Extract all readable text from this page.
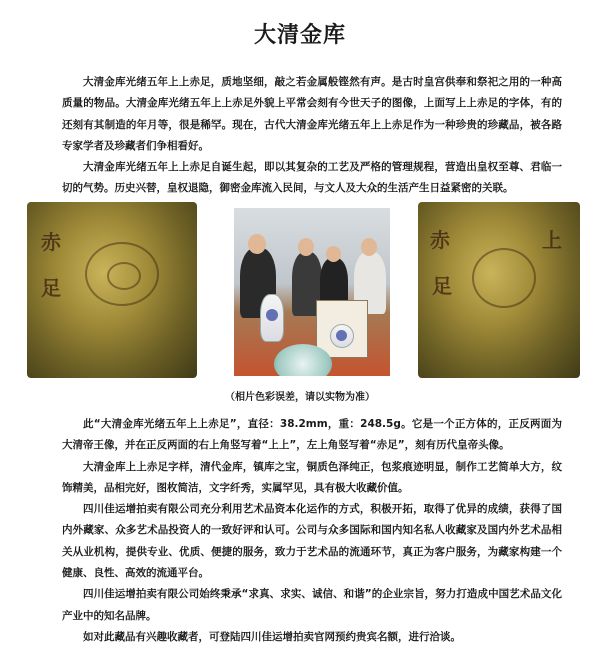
大清金库

大清金库光绪五年上上赤足，质地坚细，敲之若金属般铿然有声。是古时皇宫供奉和祭祀之用的一种高质量的物品。大清金库光绪五年上上赤足外貌上平常会刻有今世天子的图像，上面写上上赤足的字体，有的还刻有其制造的年月等，很是稀罕。现在，古代大清金库光绪五年上上赤足作为一种珍贵的珍藏品，被各路专家学者及珍藏者们争相看好。

大清金库光绪五年上上赤足自诞生起，即以其复杂的工艺及严格的管理规程，营造出皇权至尊、君临一切的气势。历史兴替，皇权退隐，御密金库流入民间，与文人及大众的生活产生日益紧密的关联。

赤
足
赤
足
上
（相片色彩误差，请以实物为准）

此“大清金库光绪五年上上赤足”，直径：38.2mm，重：248.5g。它是一个正方体的，正反两面为大清帝王像，并在正反两面的右上角竖写着“上上”，左上角竖写着“赤足”，刻有历代皇帝头像。

大清金库上上赤足字样，清代金库，镇库之宝，铜质色泽纯正，包浆痕迹明显，制作工艺简单大方，纹饰精美，品相完好，图枚简洁，文字纤秀，实属罕见，具有极大收藏价值。

四川佳运增拍卖有限公司充分利用艺术品资本化运作的方式，积极开拓，取得了优异的成绩，获得了国内外藏家、众多艺术品投资人的一致好评和认可。公司与众多国际和国内知名私人收藏家及国内外艺术品相关从业机构，提供专业、优质、便捷的服务，致力于艺术品的流通环节，真正为客户服务，为藏家构建一个健康、良性、高效的流通平台。

四川佳运增拍卖有限公司始终秉承“求真、求实、诚信、和谐”的企业宗旨，努力打造成中国艺术品文化产业中的知名品牌。

如对此藏品有兴趣收藏者，可登陆四川佳运增拍卖官网预约贵宾名额，进行洽谈。
